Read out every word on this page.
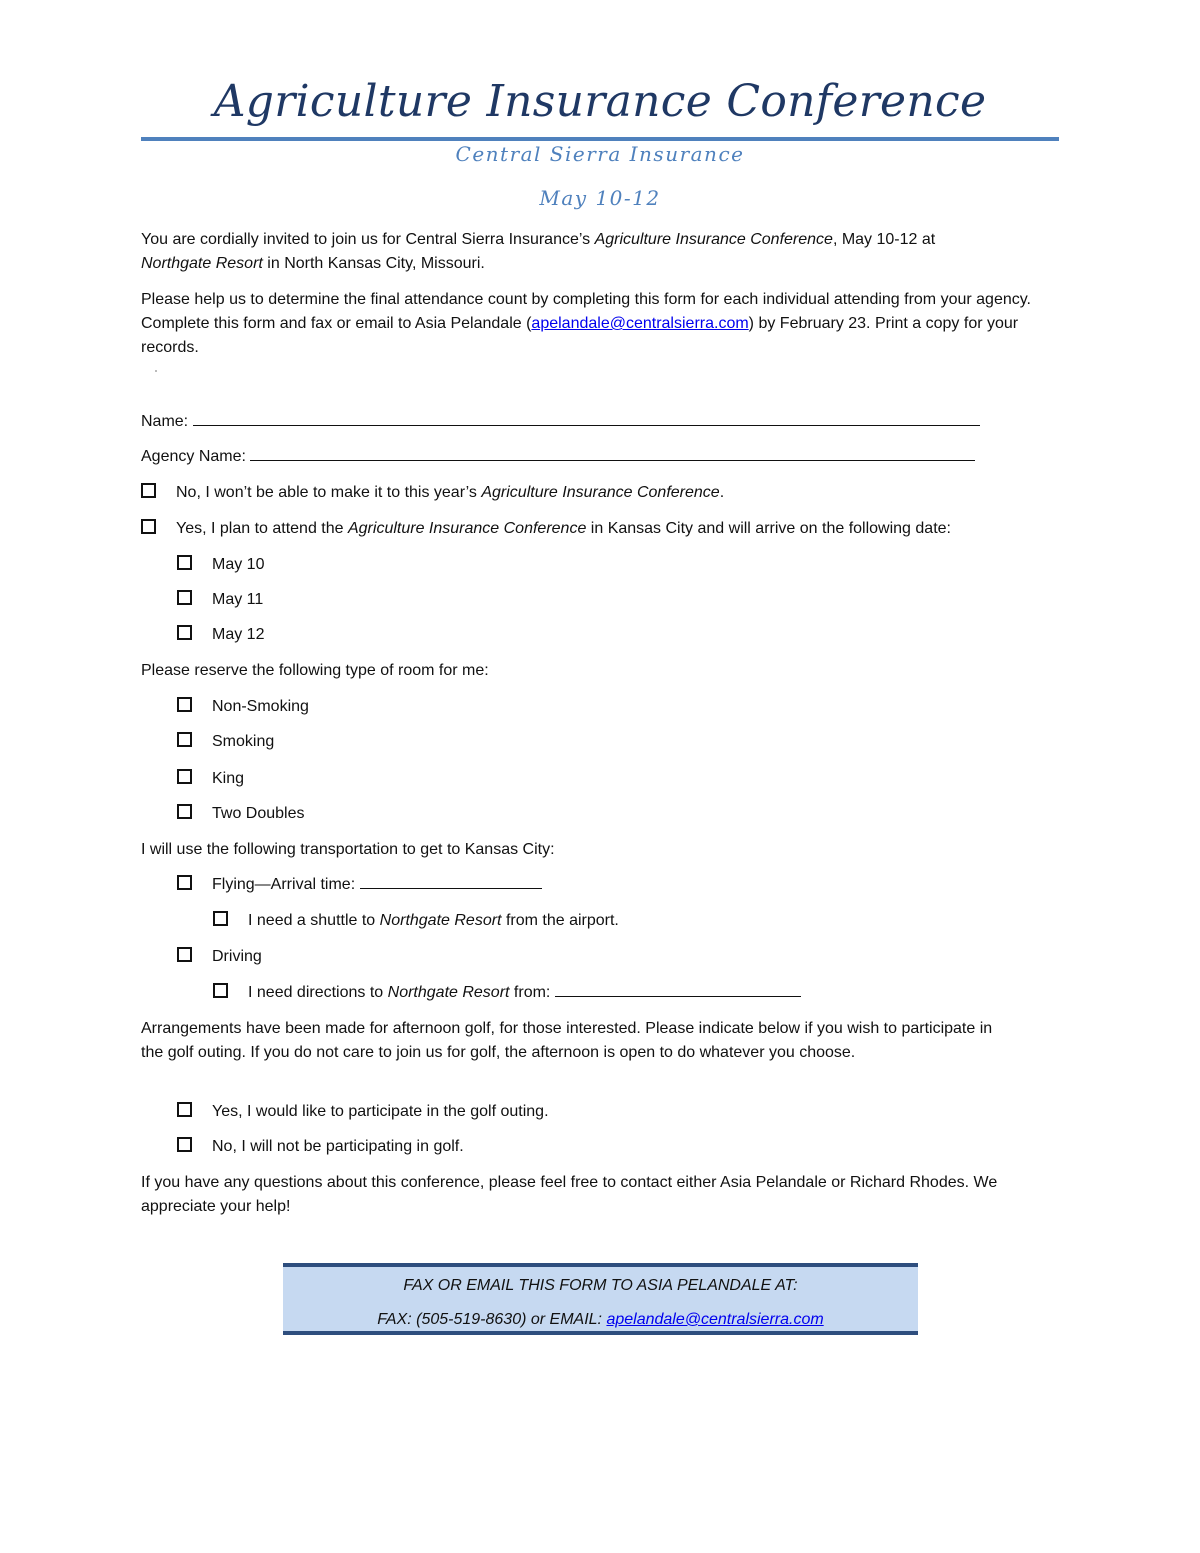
Agriculture Insurance Conference
Central Sierra Insurance
May 10-12
You are cordially invited to join us for Central Sierra Insurance’s Agriculture Insurance Conference, May 10-12 at
Northgate Resort in North Kansas City, Missouri.
Please help us to determine the final attendance count by completing this form for each individual attending from your agency. Complete this form and fax or email to Asia Pelandale (apelandale@centralsierra.com) by February 23. Print a copy for your records.
Name:
Agency Name:
No, I won’t be able to make it to this year’s Agriculture Insurance Conference.
Yes, I plan to attend the Agriculture Insurance Conference in Kansas City and will arrive on the following date:
May 10
May 11
May 12
Please reserve the following type of room for me:
Non-Smoking
Smoking
King
Two Doubles
I will use the following transportation to get to Kansas City:
Flying—Arrival time:
I need a shuttle to Northgate Resort from the airport.
Driving
I need directions to Northgate Resort from:
Arrangements have been made for afternoon golf, for those interested. Please indicate below if you wish to participate in the golf outing. If you do not care to join us for golf, the afternoon is open to do whatever you choose.
Yes, I would like to participate in the golf outing.
No, I will not be participating in golf.
If you have any questions about this conference, please feel free to contact either Asia Pelandale or Richard Rhodes. We appreciate your help!
FAX OR EMAIL THIS FORM TO ASIA PELANDALE AT:
FAX: (505-519-8630) or EMAIL: apelandale@centralsierra.com
